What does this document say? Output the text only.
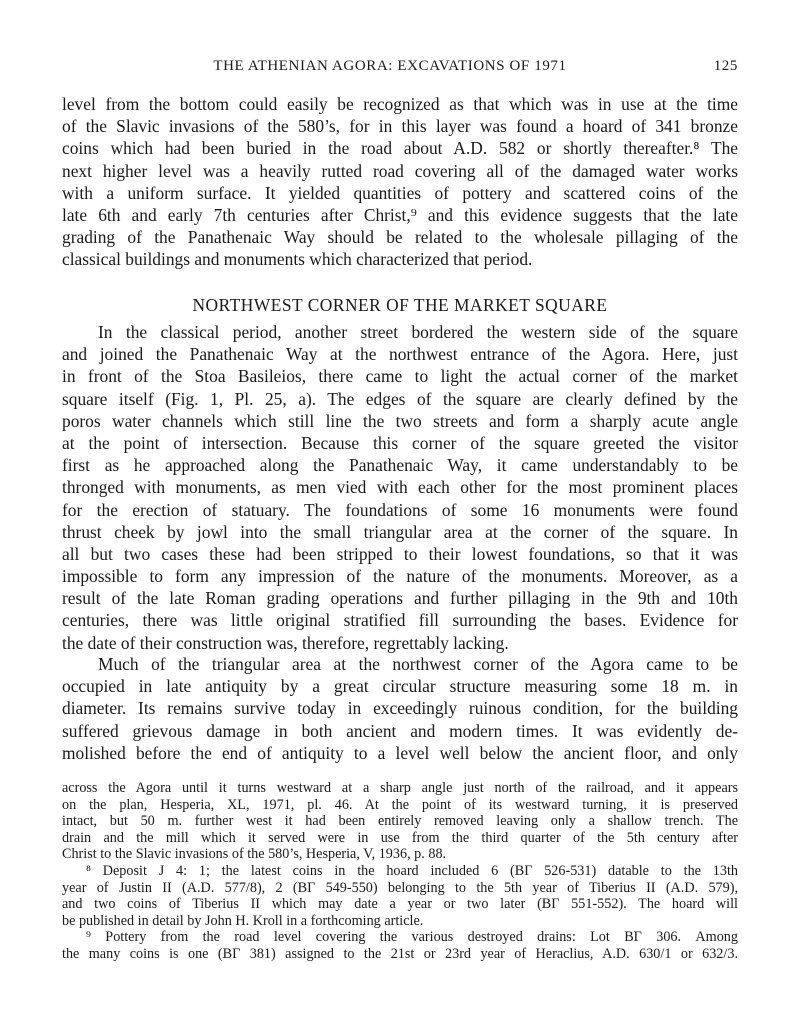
THE ATHENIAN AGORA: EXCAVATIONS OF 1971	125
level from the bottom could easily be recognized as that which was in use at the time
of the Slavic invasions of the 580’s, for in this layer was found a hoard of 341 bronze
coins which had been buried in the road about A.D. 582 or shortly thereafter.⁸ The
next higher level was a heavily rutted road covering all of the damaged water works
with a uniform surface. It yielded quantities of pottery and scattered coins of the
late 6th and early 7th centuries after Christ,⁹ and this evidence suggests that the late
grading of the Panathenaic Way should be related to the wholesale pillaging of the
classical buildings and monuments which characterized that period.
NORTHWEST CORNER OF THE MARKET SQUARE
In the classical period, another street bordered the western side of the square
and joined the Panathenaic Way at the northwest entrance of the Agora. Here, just
in front of the Stoa Basileios, there came to light the actual corner of the market
square itself (Fig. 1, Pl. 25, a). The edges of the square are clearly defined by the
poros water channels which still line the two streets and form a sharply acute angle
at the point of intersection. Because this corner of the square greeted the visitor
first as he approached along the Panathenaic Way, it came understandably to be
thronged with monuments, as men vied with each other for the most prominent places
for the erection of statuary. The foundations of some 16 monuments were found
thrust cheek by jowl into the small triangular area at the corner of the square. In
all but two cases these had been stripped to their lowest foundations, so that it was
impossible to form any impression of the nature of the monuments. Moreover, as a
result of the late Roman grading operations and further pillaging in the 9th and 10th
centuries, there was little original stratified fill surrounding the bases. Evidence for
the date of their construction was, therefore, regrettably lacking.
Much of the triangular area at the northwest corner of the Agora came to be
occupied in late antiquity by a great circular structure measuring some 18 m. in
diameter. Its remains survive today in exceedingly ruinous condition, for the building
suffered grievous damage in both ancient and modern times. It was evidently de-
molished before the end of antiquity to a level well below the ancient floor, and only
across the Agora until it turns westward at a sharp angle just north of the railroad, and it appears
on the plan, Hesperia, XL, 1971, pl. 46. At the point of its westward turning, it is preserved
intact, but 50 m. further west it had been entirely removed leaving only a shallow trench. The
drain and the mill which it served were in use from the third quarter of the 5th century after
Christ to the Slavic invasions of the 580’s, Hesperia, V, 1936, p. 88.
⁸ Deposit J 4: 1; the latest coins in the hoard included 6 (ΒΓ 526-531) datable to the 13th
year of Justin II (A.D. 577/8), 2 (ΒΓ 549-550) belonging to the 5th year of Tiberius II (A.D. 579),
and two coins of Tiberius II which may date a year or two later (ΒΓ 551-552). The hoard will
be published in detail by John H. Kroll in a forthcoming article.
⁹ Pottery from the road level covering the various destroyed drains: Lot ΒΓ 306. Among
the many coins is one (ΒΓ 381) assigned to the 21st or 23rd year of Heraclius, A.D. 630/1 or 632/3.
